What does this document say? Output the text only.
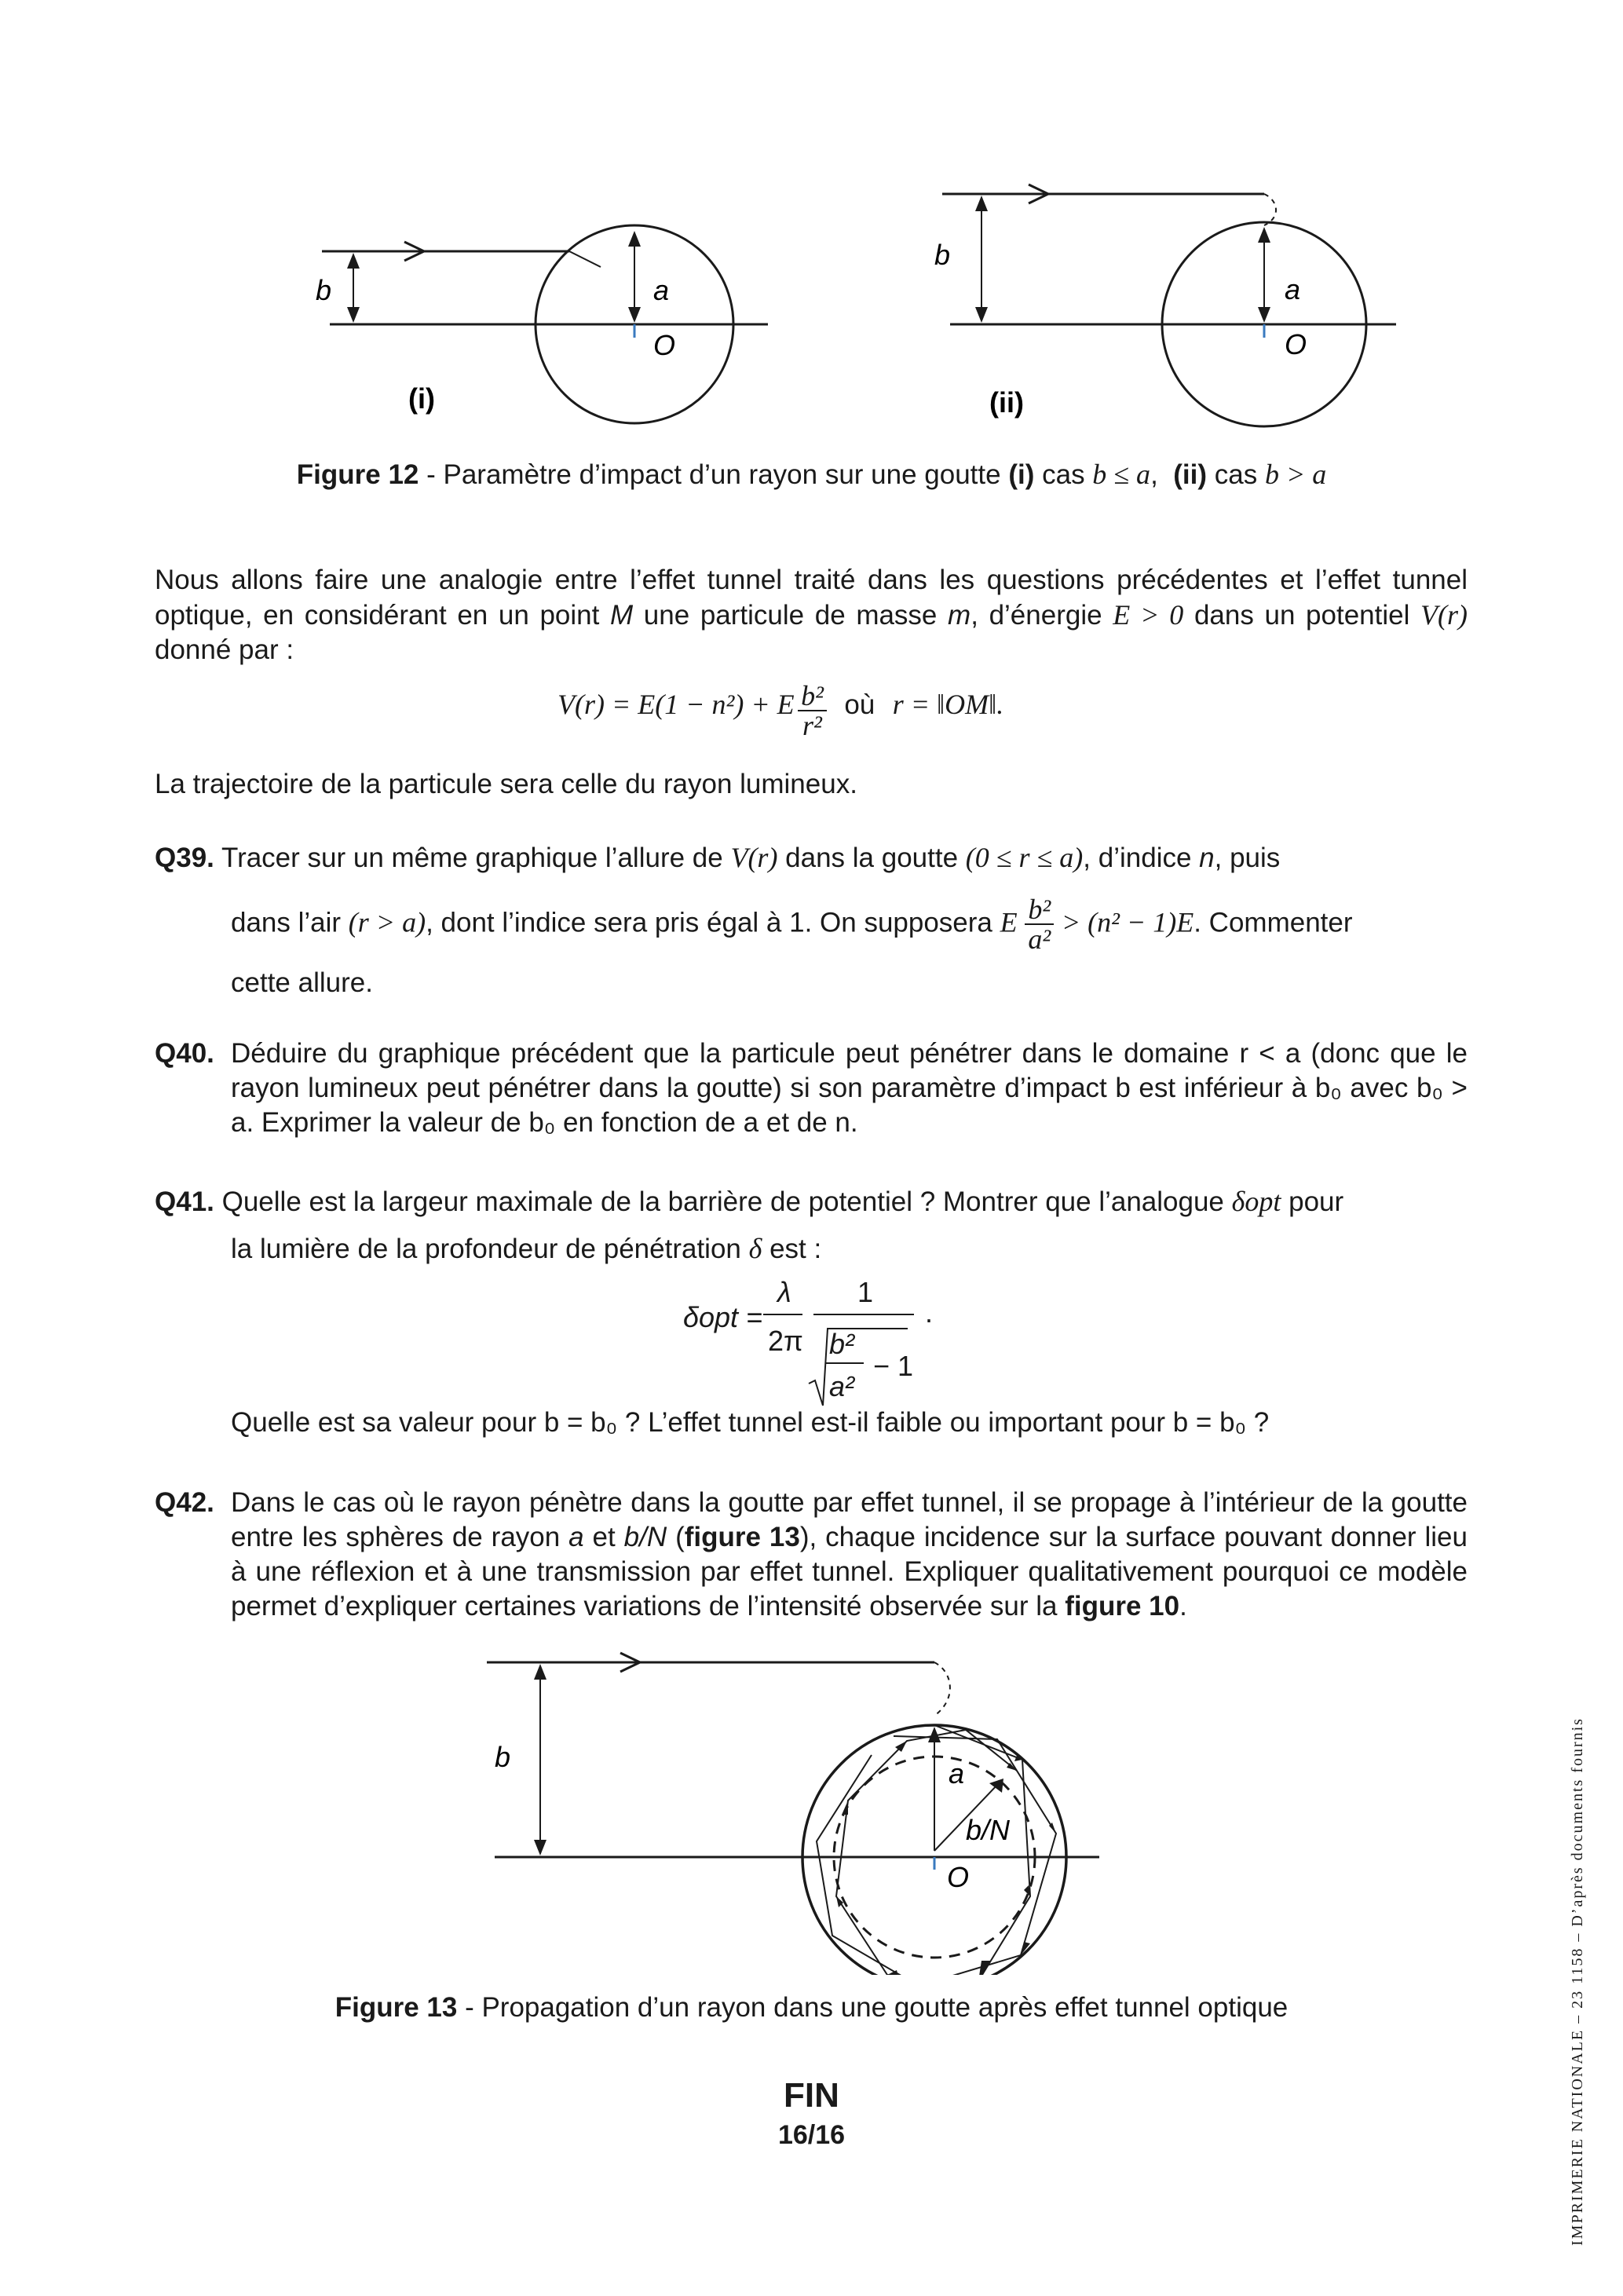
b	a
O
(i)
b
a
O
(ii)
Figure 12 - Paramètre d’impact d’un rayon sur une goutte (i) cas b ≤ a,  (ii) cas b > a
Nous allons faire une analogie entre l’effet tunnel traité dans les questions précédentes et l’effet tunnel optique, en considérant en un point M une particule de masse m, d’énergie E > 0 dans un potentiel V(r) donné par :
V(r) = E(1 − n²) + E $\frac{\text{b²}}{\text{r²}}$ où r = ‖OM‖.
La trajectoire de la particule sera celle du rayon lumineux.
Q39. Tracer sur un même graphique l’allure de V(r) dans la goutte (0 ≤ r ≤ a), d’indice n, puis
dans l’air (r > a), dont l’indice sera pris égal à 1. On supposera E $\frac{\text{b²}}{\text{a²}} > (n^2 - 1)E$. Commenter
cette allure.
Q40. Déduire du graphique précédent que la particule peut pénétrer dans le domaine r < a (donc que le rayon lumineux peut pénétrer dans la goutte) si son paramètre d’impact b est inférieur à b₀ avec b₀ > a. Exprimer la valeur de b₀ en fonction de a et de n.
Q41. Quelle est la largeur maximale de la barrière de potentiel ? Montrer que l’analogue δopt pour
la lumière de la profondeur de pénétration δ est :
δopt =
λ
2π
1
b²
a²
− 1
.
Quelle est sa valeur pour b = b₀ ? L’effet tunnel est-il faible ou important pour b = b₀ ?
Q42. Dans le cas où le rayon pénètre dans la goutte par effet tunnel, il se propage à l’intérieur de la goutte entre les sphères de rayon a et b/N (figure 13), chaque incidence sur la surface pouvant donner lieu à une réflexion et à une transmission par effet tunnel. Expliquer qualitativement pourquoi ce modèle permet d’expliquer certaines variations de l’intensité observée sur la figure 10.
b
a
b/N
O
Figure 13 - Propagation d’un rayon dans une goutte après effet tunnel optique
FIN
16/16	IMPRIMERIE NATIONALE – 23 1158 – D’après documents fournis
